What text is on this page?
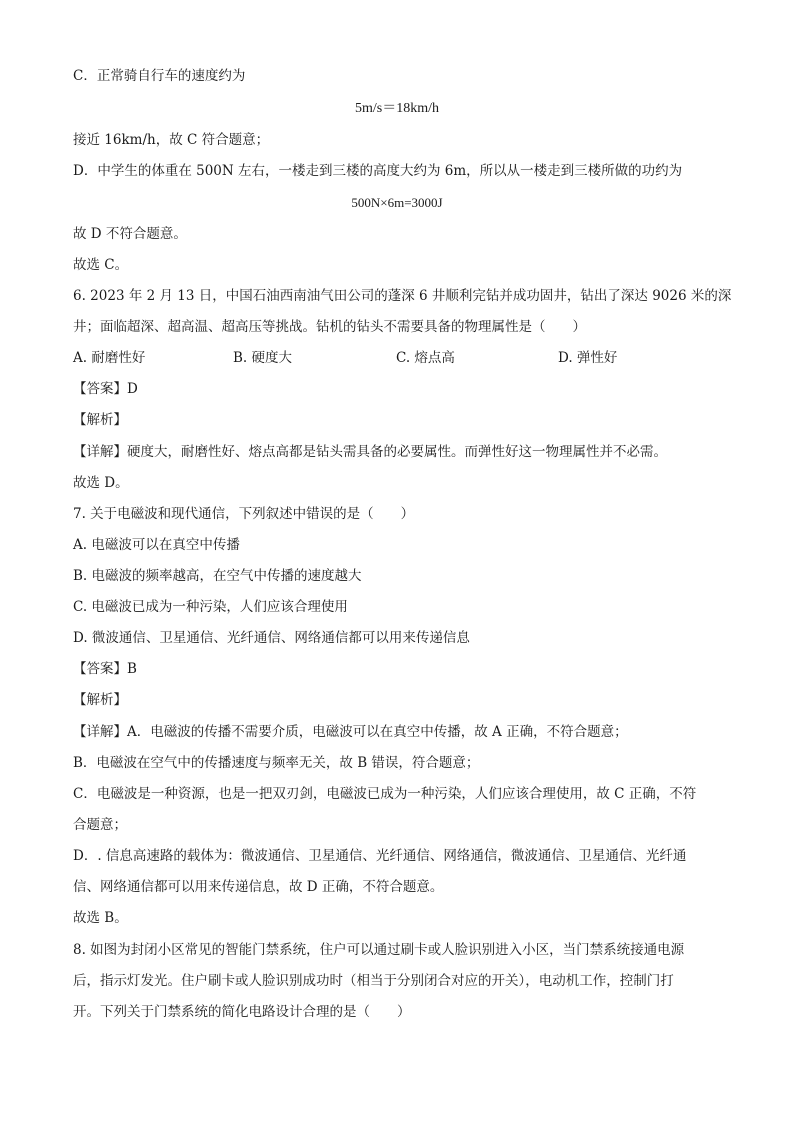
C．正常骑自行车的速度约为
5m/s＝18km/h
接近 16km/h，故 C 符合题意；
D．中学生的体重在 500N 左右，一楼走到三楼的高度大约为 6m，所以从一楼走到三楼所做的功约为
500N×6m=3000J
故 D 不符合题意。
故选 C。
6. 2023 年 2 月 13 日，中国石油西南油气田公司的蓬深 6 井顺利完钻并成功固井，钻出了深达 9026 米的深
井；面临超深、超高温、超高压等挑战。钻机的钻头不需要具备的物理属性是（　　）
A. 耐磨性好	B. 硬度大	C. 熔点高	D. 弹性好
【答案】D
【解析】
【详解】硬度大，耐磨性好、熔点高都是钻头需具备的必要属性。而弹性好这一物理属性并不必需。
故选 D。
7. 关于电磁波和现代通信，下列叙述中错误的是（　　）
A. 电磁波可以在真空中传播
B. 电磁波的频率越高，在空气中传播的速度越大
C. 电磁波已成为一种污染，人们应该合理使用
D. 微波通信、卫星通信、光纤通信、网络通信都可以用来传递信息
【答案】B
【解析】
【详解】A．电磁波的传播不需要介质，电磁波可以在真空中传播，故 A 正确，不符合题意；
B．电磁波在空气中的传播速度与频率无关，故 B 错误，符合题意；
C．电磁波是一种资源，也是一把双刃剑，电磁波已成为一种污染，人们应该合理使用，故 C 正确，不符
合题意；
D．. 信息高速路的载体为：微波通信、卫星通信、光纤通信、网络通信，微波通信、卫星通信、光纤通
信、网络通信都可以用来传递信息，故 D 正确，不符合题意。
故选 B。
8. 如图为封闭小区常见的智能门禁系统，住户可以通过刷卡或人脸识别进入小区，当门禁系统接通电源
后，指示灯发光。住户刷卡或人脸识别成功时（相当于分别闭合对应的开关），电动机工作，控制门打
开。下列关于门禁系统的简化电路设计合理的是（　　）
